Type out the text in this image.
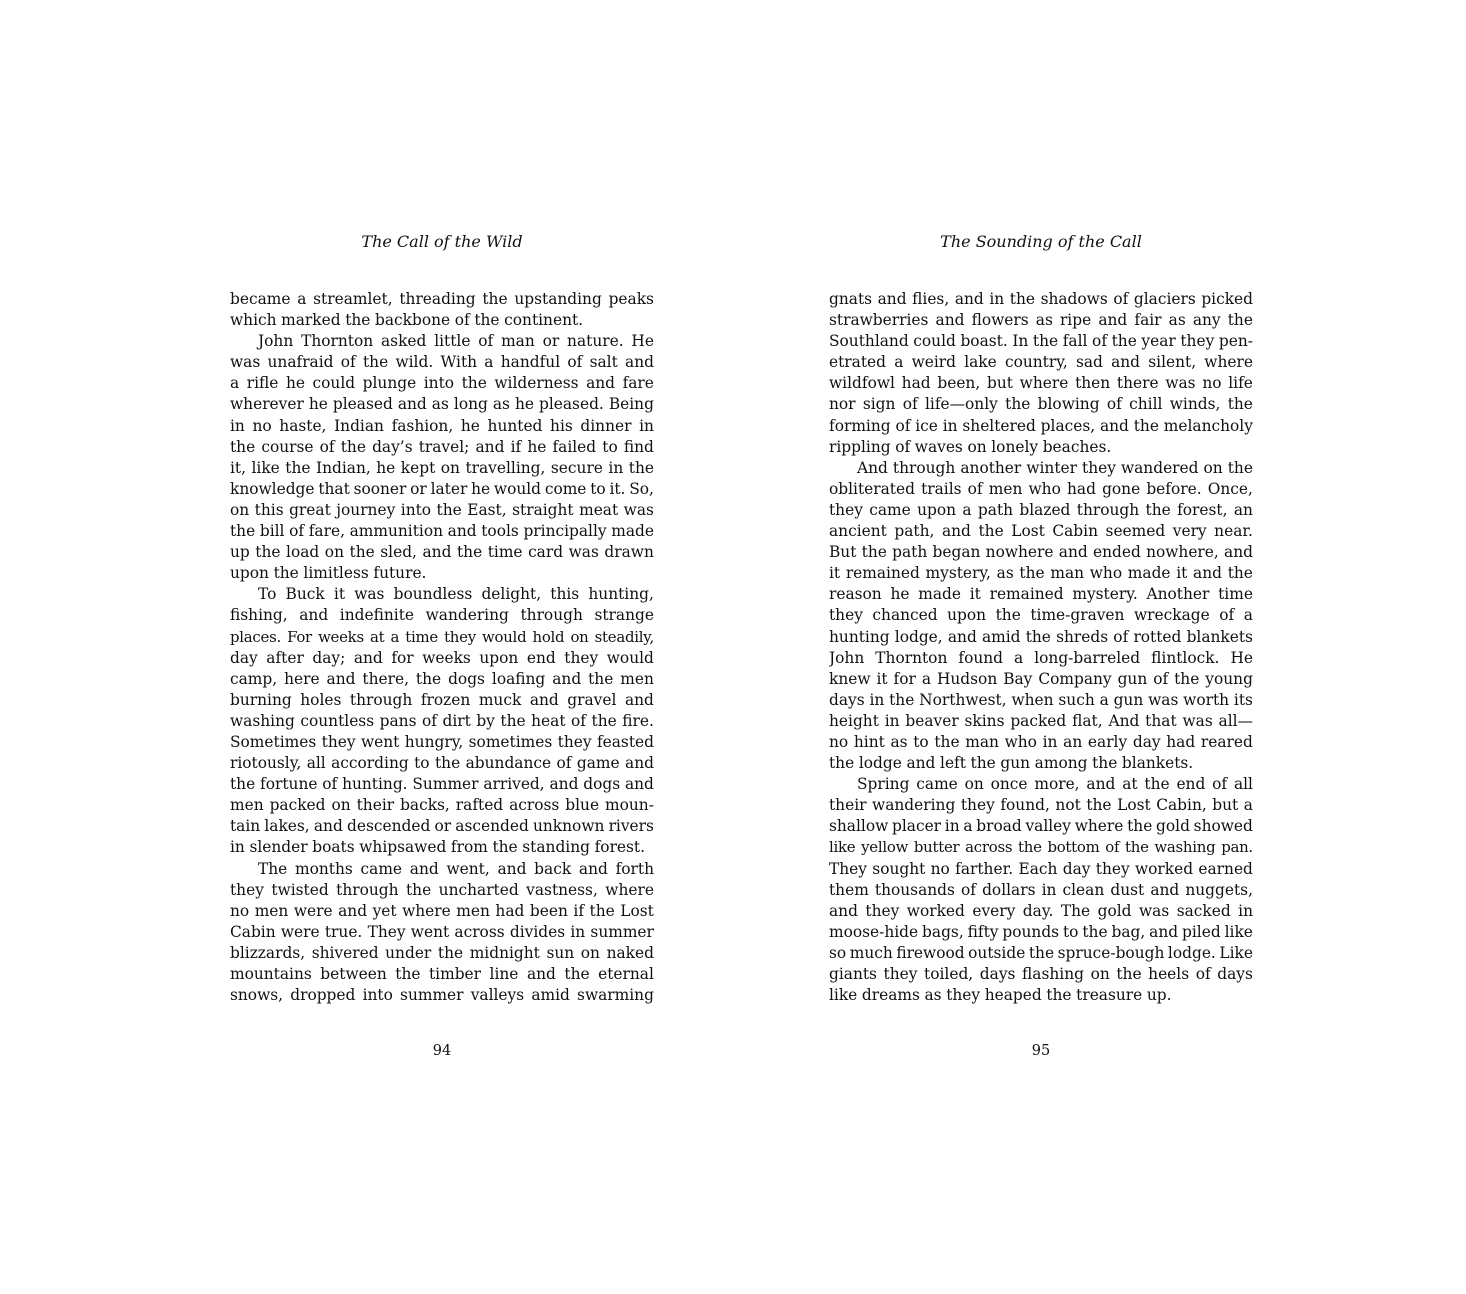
The Call of the Wild
became a streamlet, threading the upstanding peaks
which marked the backbone of the continent.
John Thornton asked little of man or nature. He
was unafraid of the wild. With a handful of salt and
a rifle he could plunge into the wilderness and fare
wherever he pleased and as long as he pleased. Being
in no haste, Indian fashion, he hunted his dinner in
the course of the day’s travel; and if he failed to find
it, like the Indian, he kept on travelling, secure in the
knowledge that sooner or later he would come to it. So,
on this great journey into the East, straight meat was
the bill of fare, ammunition and tools principally made
up the load on the sled, and the time card was drawn
upon the limitless future.
To Buck it was boundless delight, this hunting,
fishing, and indefinite wandering through strange
places. For weeks at a time they would hold on steadily,
day after day; and for weeks upon end they would
camp, here and there, the dogs loafing and the men
burning holes through frozen muck and gravel and
washing countless pans of dirt by the heat of the fire.
Sometimes they went hungry, sometimes they feasted
riotously, all according to the abundance of game and
the fortune of hunting. Summer arrived, and dogs and
men packed on their backs, rafted across blue moun-
tain lakes, and descended or ascended unknown rivers
in slender boats whipsawed from the standing forest.
The months came and went, and back and forth
they twisted through the uncharted vastness, where
no men were and yet where men had been if the Lost
Cabin were true. They went across divides in summer
blizzards, shivered under the midnight sun on naked
mountains between the timber line and the eternal
snows, dropped into summer valleys amid swarming
94
The Sounding of the Call
gnats and flies, and in the shadows of glaciers picked
strawberries and flowers as ripe and fair as any the
Southland could boast. In the fall of the year they pen-
etrated a weird lake country, sad and silent, where
wildfowl had been, but where then there was no life
nor sign of life—only the blowing of chill winds, the
forming of ice in sheltered places, and the melancholy
rippling of waves on lonely beaches.
And through another winter they wandered on the
obliterated trails of men who had gone before. Once,
they came upon a path blazed through the forest, an
ancient path, and the Lost Cabin seemed very near.
But the path began nowhere and ended nowhere, and
it remained mystery, as the man who made it and the
reason he made it remained mystery. Another time
they chanced upon the time-graven wreckage of a
hunting lodge, and amid the shreds of rotted blankets
John Thornton found a long-barreled flintlock. He
knew it for a Hudson Bay Company gun of the young
days in the Northwest, when such a gun was worth its
height in beaver skins packed flat, And that was all—
no hint as to the man who in an early day had reared
the lodge and left the gun among the blankets.
Spring came on once more, and at the end of all
their wandering they found, not the Lost Cabin, but a
shallow placer in a broad valley where the gold showed
like yellow butter across the bottom of the washing pan.
They sought no farther. Each day they worked earned
them thousands of dollars in clean dust and nuggets,
and they worked every day. The gold was sacked in
moose-hide bags, fifty pounds to the bag, and piled like
so much firewood outside the spruce-bough lodge. Like
giants they toiled, days flashing on the heels of days
like dreams as they heaped the treasure up.
95
